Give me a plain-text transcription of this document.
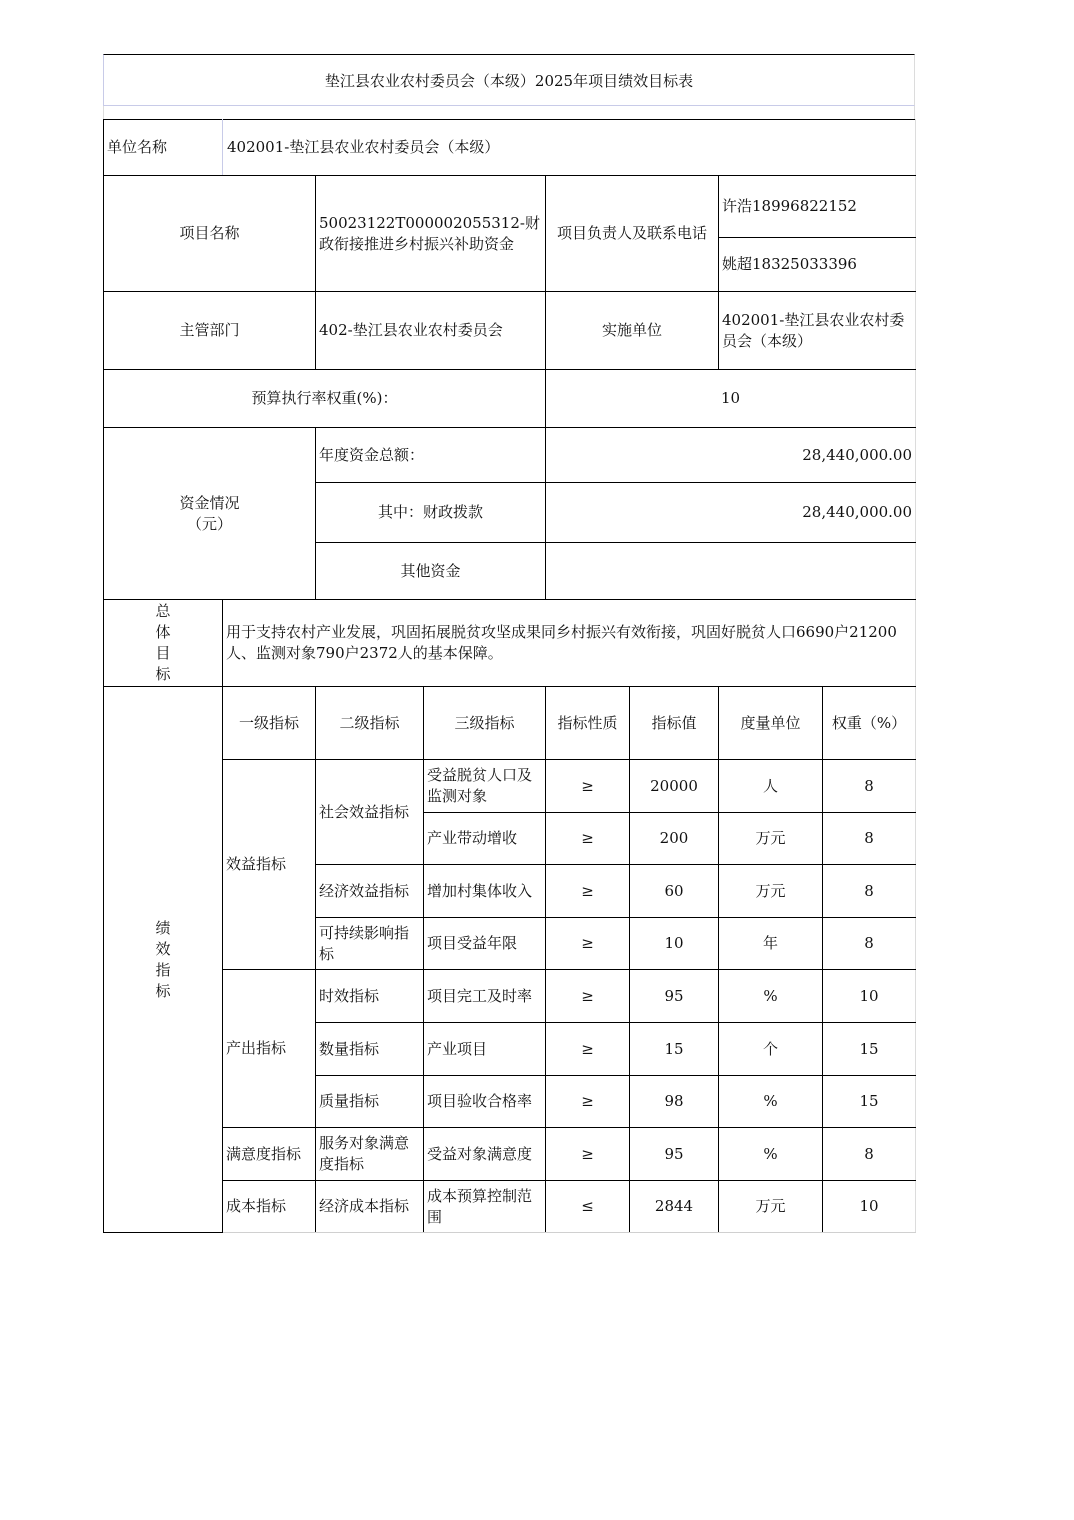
垫江县农业农村委员会（本级）2025年项目绩效目标表
单位名称	402001-垫江县农业农村委员会（本级）						
项目名称		50023122T000002055312-财政衔接推进乡村振兴补助资金		项目负责人及联系电话		许浩18996822152	
						姚超18325033396	
主管部门		402-垫江县农业农村委员会		实施单位		402001-垫江县农业农村委员会（本级）	
预算执行率权重(%)：				10			

资金情况
（元）		年度资金总额：		28,440,000.00			
		其中：财政拨款		28,440,000.00			
		其他资金					

总
体
目
标	用于支持农村产业发展，巩固拓展脱贫攻坚成果同乡村振兴有效衔接，巩固好脱贫人口6690户21200人、监测对象790户2372人的基本保障。						

绩
效
指
标	一级指标	二级指标	三级指标	指标性质	指标值	度量单位	权重（%）
	效益指标	社会效益指标	受益脱贫人口及监测对象	≥	20000	人	8
			产业带动增收	≥	200	万元	8
		经济效益指标	增加村集体收入	≥	60	万元	8
		可持续影响指标	项目受益年限	≥	10	年	8
	产出指标	时效指标	项目完工及时率	≥	95	%	10
		数量指标	产业项目	≥	15	个	15
		质量指标	项目验收合格率	≥	98	%	15
	满意度指标	服务对象满意度指标	受益对象满意度	≥	95	%	8
	成本指标	经济成本指标	成本预算控制范围	≤	2844	万元	10
